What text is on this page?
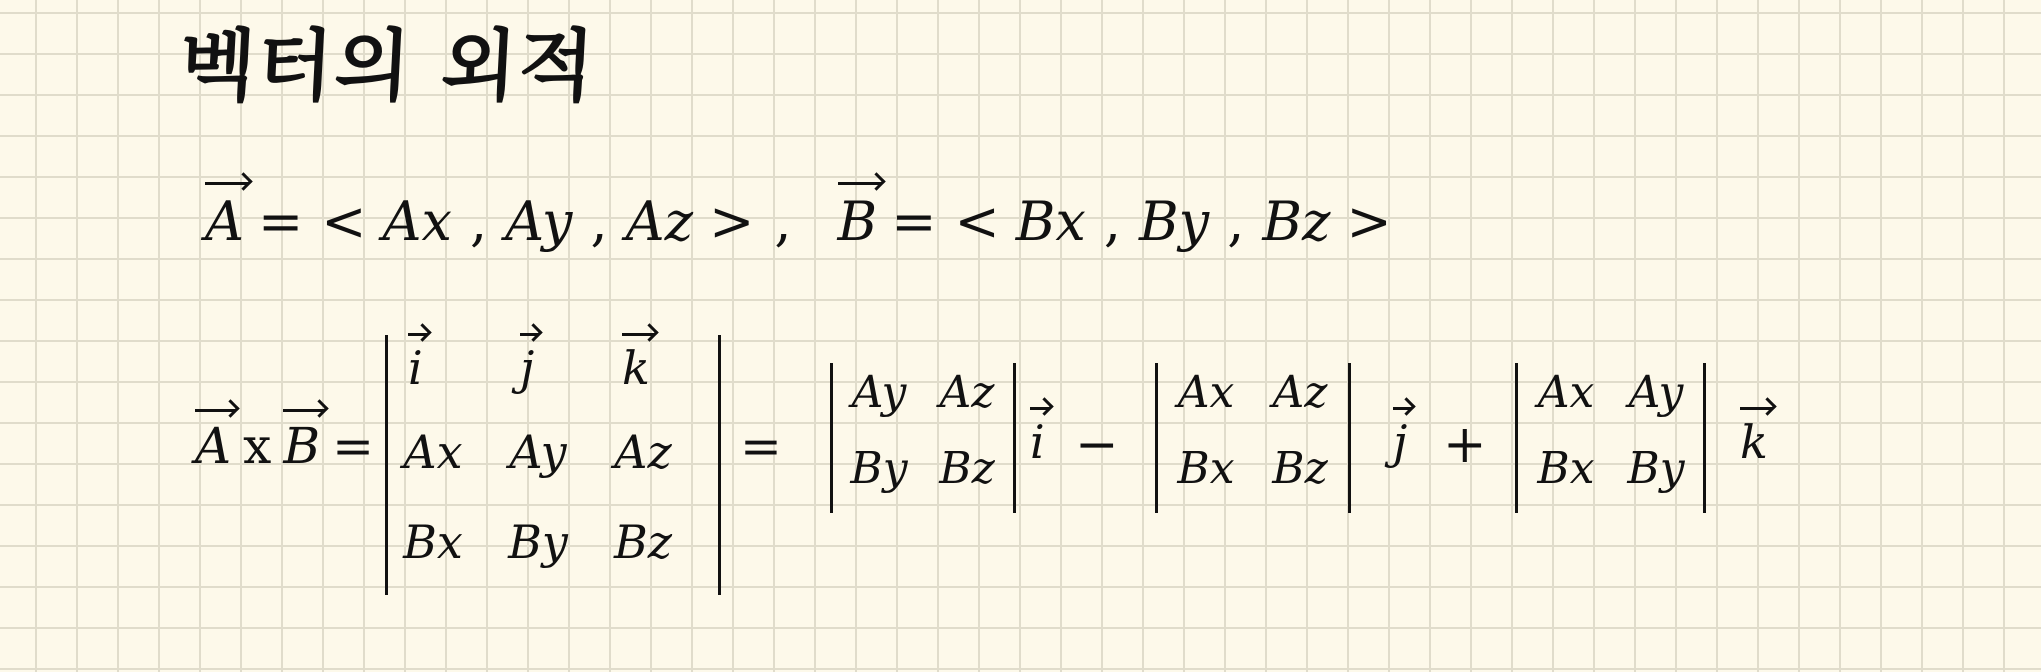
벡터의 외적
A = < Ax , Ay , Az > , B = < Bx , By , Bz >
A x B =
i j k
Ax	Ay	Az
Bx By	Bz
=
Ay Az
By Bz i −
Ax Az
Bx Bz	j +
Ax Ay
Bx By k
